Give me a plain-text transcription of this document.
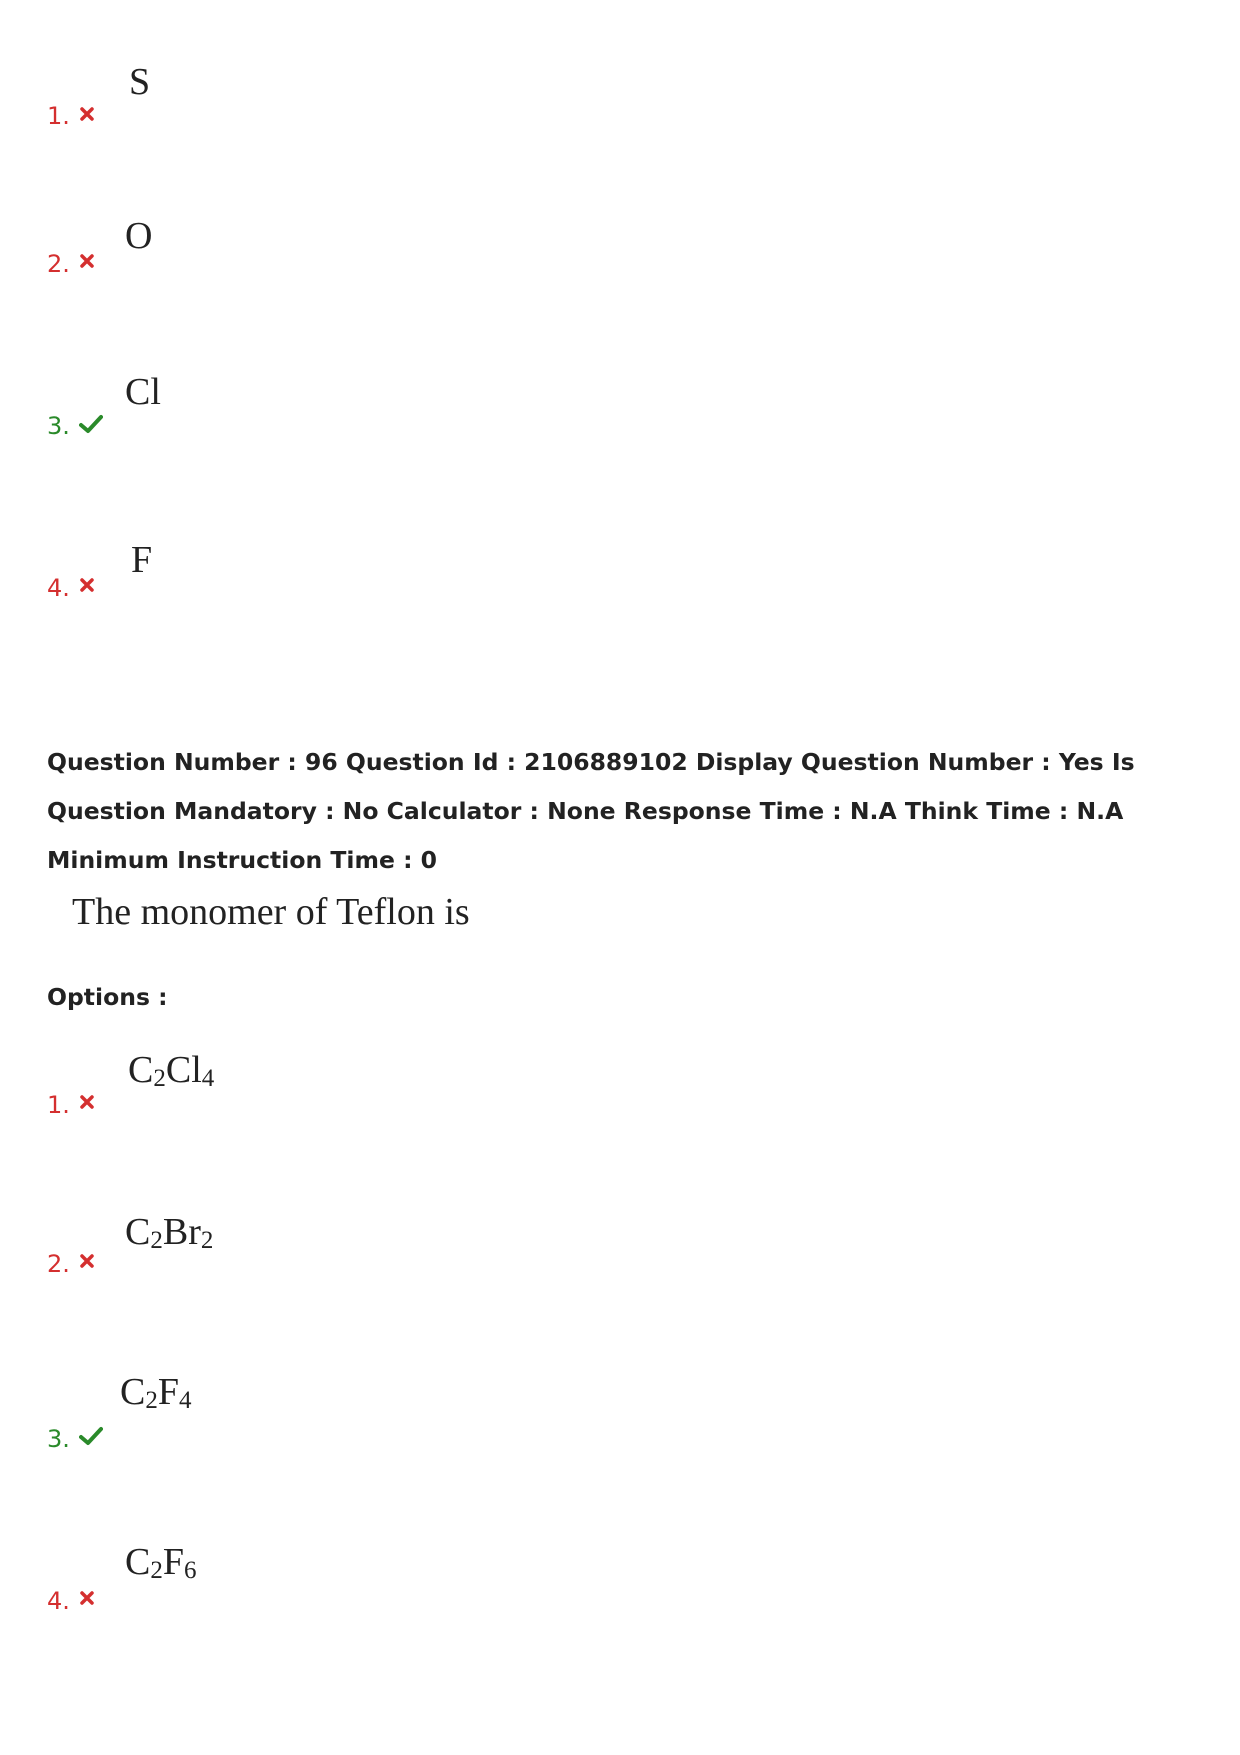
1.
S
2.
O
3.
Cl
4.
F
Question Number : 96 Question Id : 2106889102 Display Question Number : Yes Is Question Mandatory : No Calculator : None Response Time : N.A Think Time : N.A Minimum Instruction Time : 0
The monomer of Teflon is
Options :
1.
$C_2Cl_4$
2.
$C_2Br_2$
3.
$C_2F_4$
4.
$C_2F_6$
